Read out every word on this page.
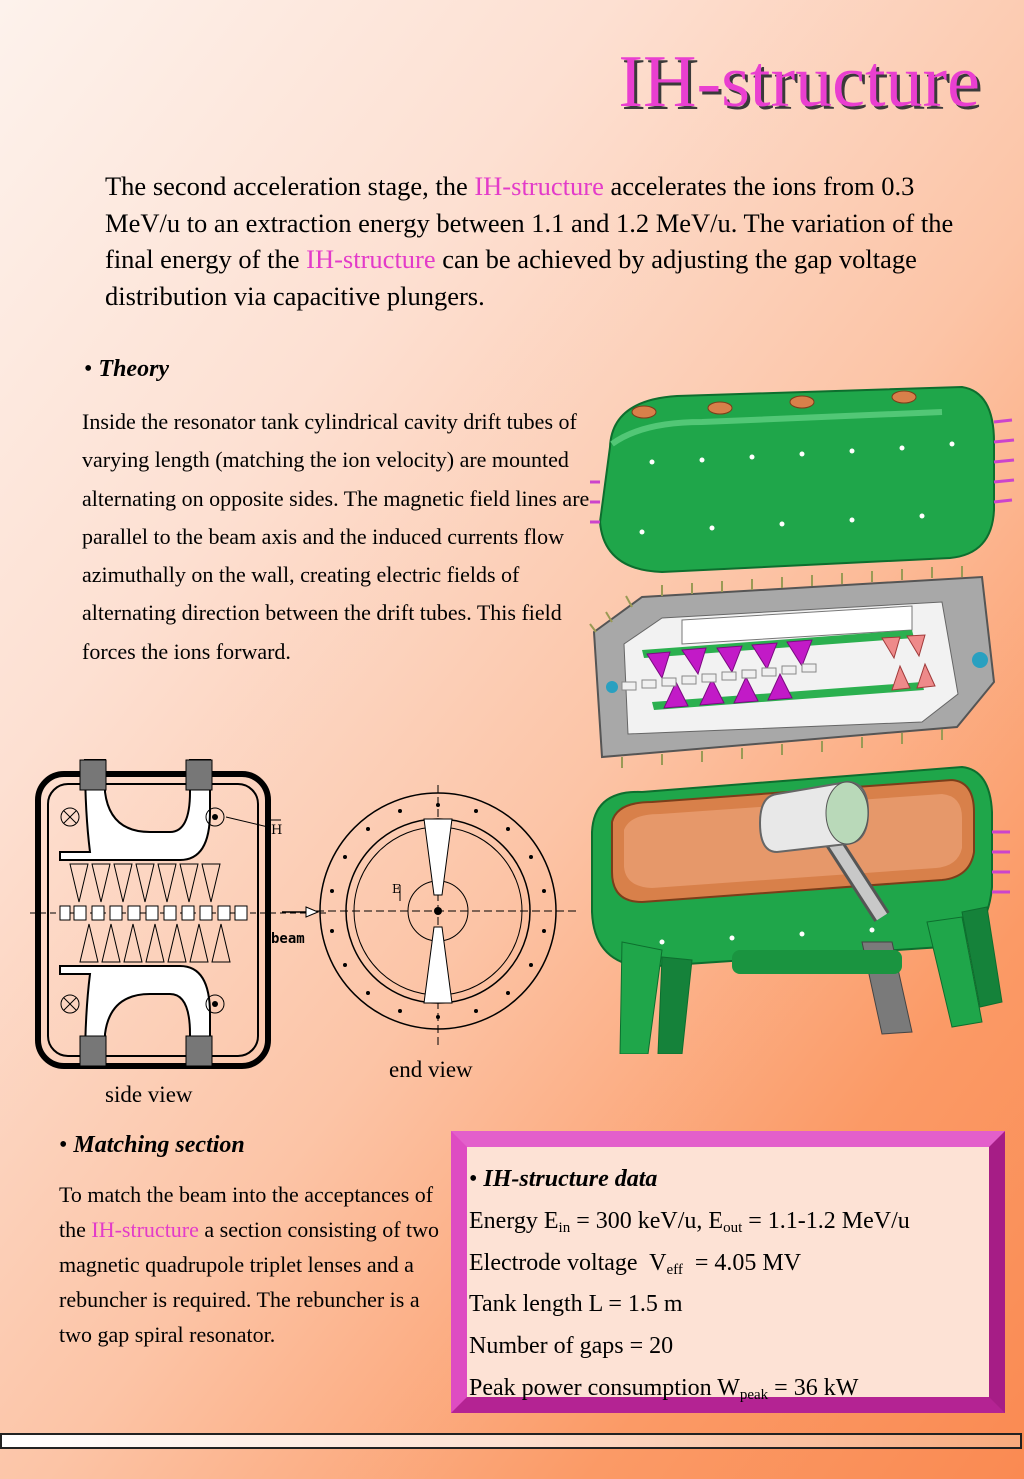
IH-structure

The second acceleration stage, the IH-structure accelerates the ions from 0.3 MeV/u to an extraction energy between 1.1 and 1.2 MeV/u. The variation of the final energy of the IH-structure can be achieved by adjusting the gap voltage distribution via capacitive plungers.

• Theory

Inside the resonator tank cylindrical cavity drift tubes of varying length (matching the ion velocity) are mounted alternating on opposite sides. The magnetic field lines are parallel to the beam axis and the induced currents flow azimuthally on the wall, creating electric fields of alternating direction between the drift tubes. This field forces the ions forward.

H
beam
side view
E
end view
• Matching section

To match the beam into the acceptances of the IH-structure a section consisting of two magnetic quadrupole triplet lenses and a rebuncher is required. The rebuncher is a two gap spiral resonator.

• IH-structure data
Energy $E_{in} = 300$ keV/u, $E_{out} = 1.1-1.2$ MeV/u
Electrode voltage  $V_{eff} = 4.05$ MV
Tank length L = 1.5 m
Number of gaps = 20
Peak power consumption $W_{peak} = 36$ kW
